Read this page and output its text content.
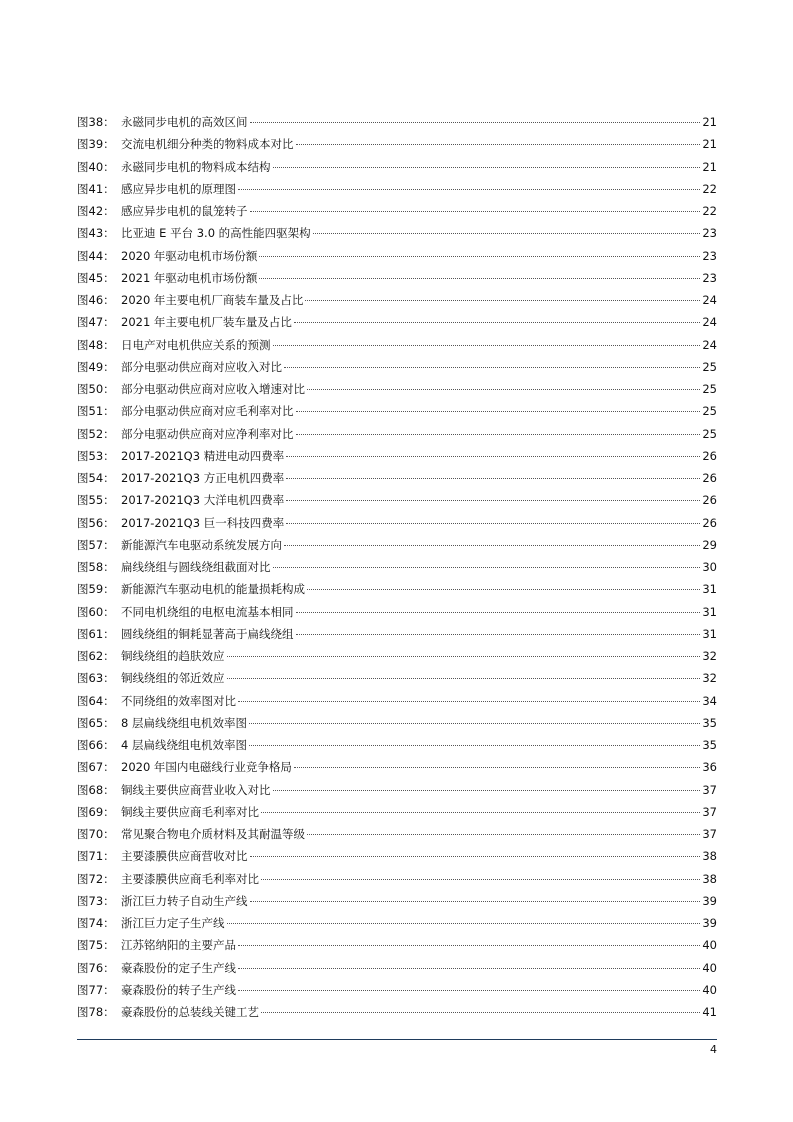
图38： 永磁同步电机的高效区间	21
图39： 交流电机细分种类的物料成本对比	21
图40： 永磁同步电机的物料成本结构	21
图41： 感应异步电机的原理图	22
图42： 感应异步电机的鼠笼转子	22
图43： 比亚迪 E 平台 3.0 的高性能四驱架构	23
图44： 2020 年驱动电机市场份额	23
图45： 2021 年驱动电机市场份额	23
图46： 2020 年主要电机厂商装车量及占比	24
图47： 2021 年主要电机厂装车量及占比	24
图48： 日电产对电机供应关系的预测	24
图49： 部分电驱动供应商对应收入对比	25
图50： 部分电驱动供应商对应收入增速对比	25
图51： 部分电驱动供应商对应毛利率对比	25
图52： 部分电驱动供应商对应净利率对比	25
图53： 2017-2021Q3 精进电动四费率	26
图54： 2017-2021Q3 方正电机四费率	26
图55： 2017-2021Q3 大洋电机四费率	26
图56： 2017-2021Q3 巨一科技四费率	26
图57： 新能源汽车电驱动系统发展方向	29
图58： 扁线绕组与圆线绕组截面对比	30
图59： 新能源汽车驱动电机的能量损耗构成	31
图60： 不同电机绕组的电枢电流基本相同	31
图61： 圆线绕组的铜耗显著高于扁线绕组	31
图62： 铜线绕组的趋肤效应	32
图63： 铜线绕组的邻近效应	32
图64： 不同绕组的效率图对比	34
图65： 8 层扁线绕组电机效率图	35
图66： 4 层扁线绕组电机效率图	35
图67： 2020 年国内电磁线行业竞争格局	36
图68： 铜线主要供应商营业收入对比	37
图69： 铜线主要供应商毛利率对比	37
图70： 常见聚合物电介质材料及其耐温等级	37
图71： 主要漆膜供应商营收对比	38
图72： 主要漆膜供应商毛利率对比	38
图73： 浙江巨力转子自动生产线	39
图74： 浙江巨力定子生产线	39
图75： 江苏铭纳阳的主要产品	40
图76： 豪森股份的定子生产线	40
图77： 豪森股份的转子生产线	40
图78： 豪森股份的总装线关键工艺	41
4
